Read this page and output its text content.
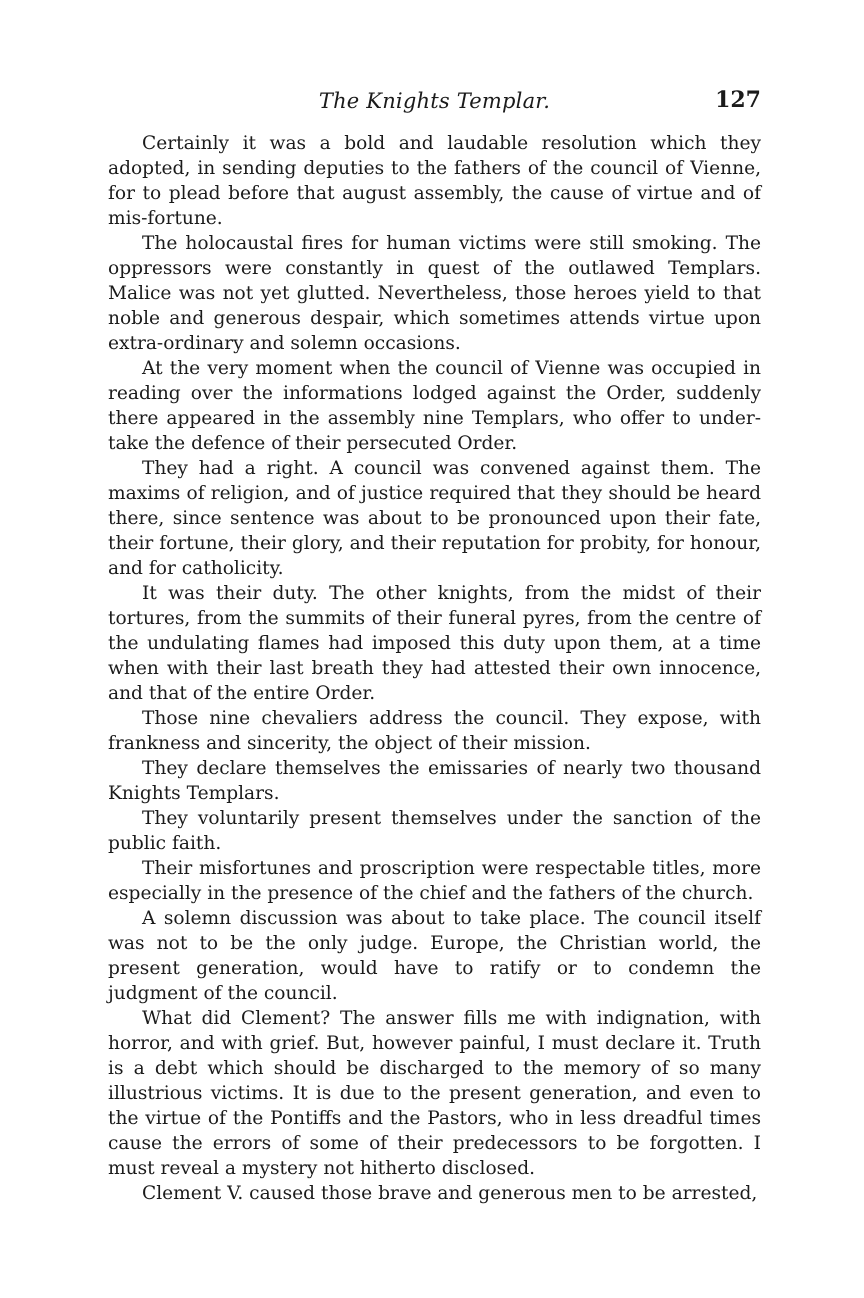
The Knights Templar.	127

Certainly it was a bold and laudable resolution which they adopted, in sending deputies to the fathers of the council of Vienne, for to plead before that august assembly, the cause of virtue and of mis-fortune.

The holocaustal fires for human victims were still smoking. The oppressors were constantly in quest of the outlawed Templars. Malice was not yet glutted. Nevertheless, those heroes yield to that noble and generous despair, which sometimes attends virtue upon extra-ordinary and solemn occasions.

At the very moment when the council of Vienne was occupied in reading over the informations lodged against the Order, suddenly there appeared in the assembly nine Templars, who offer to under-take the defence of their persecuted Order.

They had a right. A council was convened against them. The maxims of religion, and of justice required that they should be heard there, since sentence was about to be pronounced upon their fate, their fortune, their glory, and their reputation for probity, for honour, and for catholicity.

It was their duty. The other knights, from the midst of their tortures, from the summits of their funeral pyres, from the centre of the undulating flames had imposed this duty upon them, at a time when with their last breath they had attested their own innocence, and that of the entire Order.

Those nine chevaliers address the council. They expose, with frankness and sincerity, the object of their mission.

They declare themselves the emissaries of nearly two thousand Knights Templars.

They voluntarily present themselves under the sanction of the public faith.

Their misfortunes and proscription were respectable titles, more especially in the presence of the chief and the fathers of the church.

A solemn discussion was about to take place. The council itself was not to be the only judge. Europe, the Christian world, the present generation, would have to ratify or to condemn the judgment of the council.

What did Clement? The answer fills me with indignation, with horror, and with grief. But, however painful, I must declare it. Truth is a debt which should be discharged to the memory of so many illustrious victims. It is due to the present generation, and even to the virtue of the Pontiffs and the Pastors, who in less dreadful times cause the errors of some of their predecessors to be forgotten. I must reveal a mystery not hitherto disclosed.

Clement V. caused those brave and generous men to be arrested,
